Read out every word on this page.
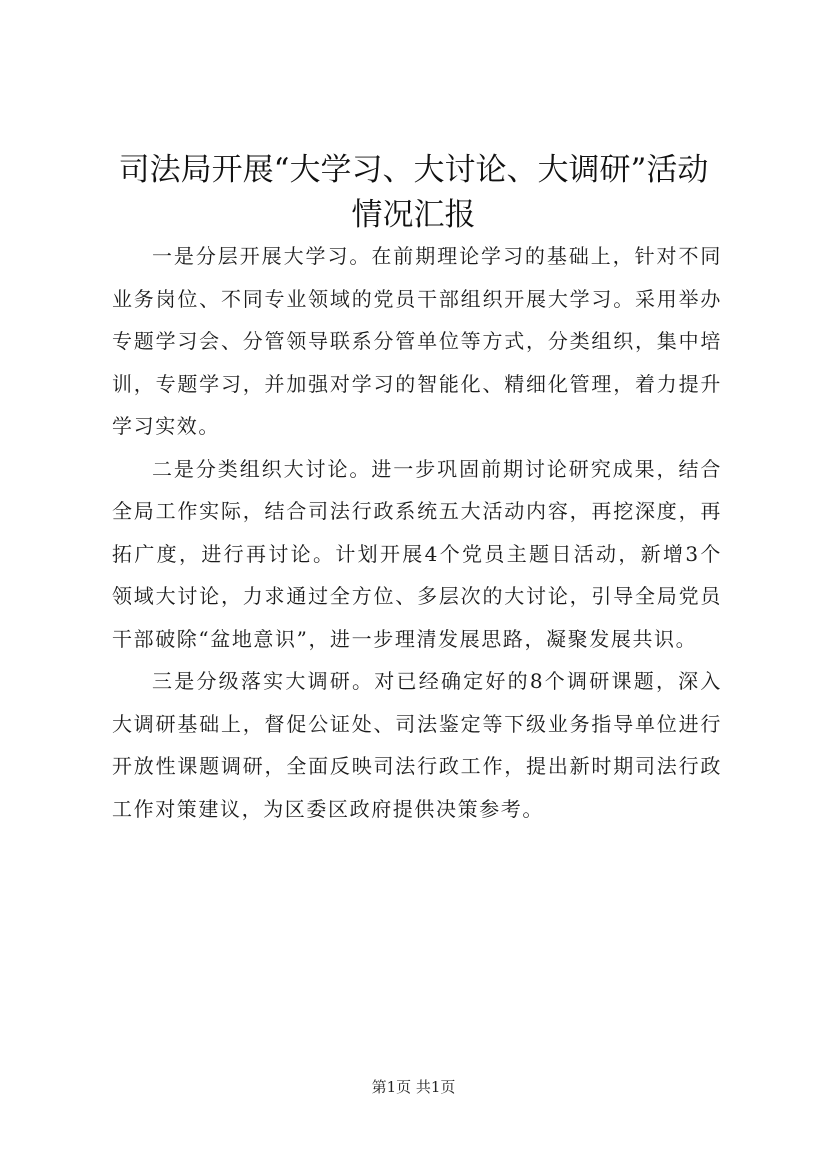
司法局开展“大学习、大讨论、大调研”活动
情况汇报

一是分层开展大学习。在前期理论学习的基础上，针对不同业务岗位、不同专业领域的党员干部组织开展大学习。采用举办专题学习会、分管领导联系分管单位等方式，分类组织，集中培训，专题学习，并加强对学习的智能化、精细化管理，着力提升学习实效。

二是分类组织大讨论。进一步巩固前期讨论研究成果，结合全局工作实际，结合司法行政系统五大活动内容，再挖深度，再拓广度，进行再讨论。计划开展4个党员主题日活动，新增3个领域大讨论，力求通过全方位、多层次的大讨论，引导全局党员干部破除“盆地意识”，进一步理清发展思路，凝聚发展共识。

三是分级落实大调研。对已经确定好的8个调研课题，深入大调研基础上，督促公证处、司法鉴定等下级业务指导单位进行开放性课题调研，全面反映司法行政工作，提出新时期司法行政工作对策建议，为区委区政府提供决策参考。

第1页 共1页
